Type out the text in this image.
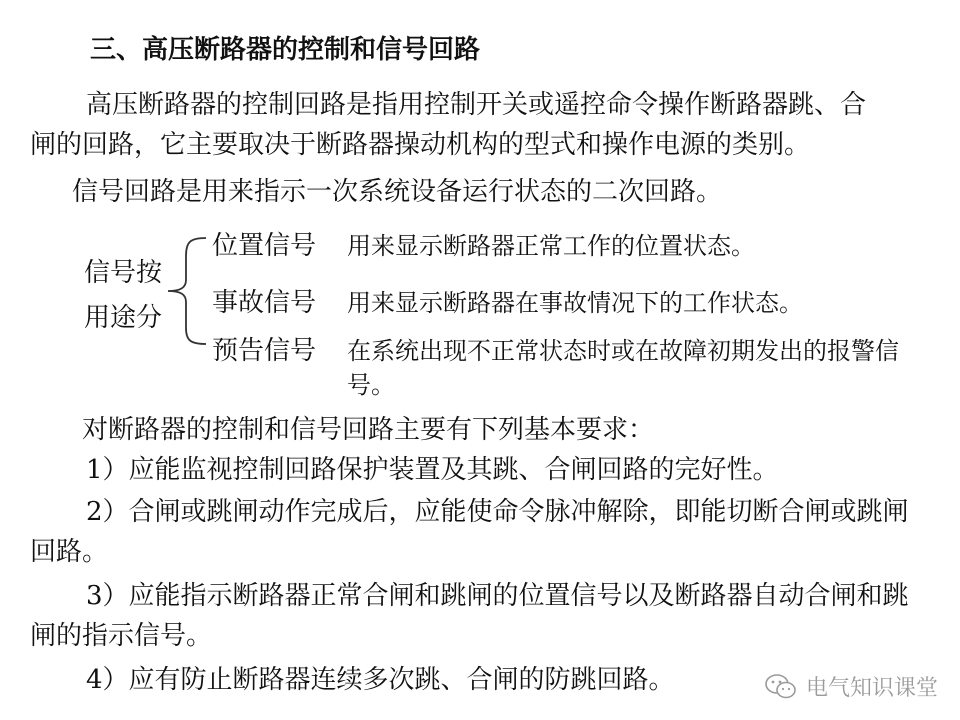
三、高压断路器的控制和信号回路
高压断路器的控制回路是指用控制开关或遥控命令操作断路器跳、合
闸的回路，它主要取决于断路器操动机构的型式和操作电源的类别。
信号回路是用来指示一次系统设备运行状态的二次回路。
信号按
用途分
位置信号 用来显示断路器正常工作的位置状态。
事故信号 用来显示断路器在事故情况下的工作状态。
预告信号 在系统出现不正常状态时或在故障初期发出的报警信号。
对断路器的控制和信号回路主要有下列基本要求：
1）应能监视控制回路保护装置及其跳、合闸回路的完好性。
2）合闸或跳闸动作完成后，应能使命令脉冲解除，即能切断合闸或跳闸回路。
3）应能指示断路器正常合闸和跳闸的位置信号以及断路器自动合闸和跳闸的指示信号。
4）应有防止断路器连续多次跳、合闸的防跳回路。	电气知识课堂
